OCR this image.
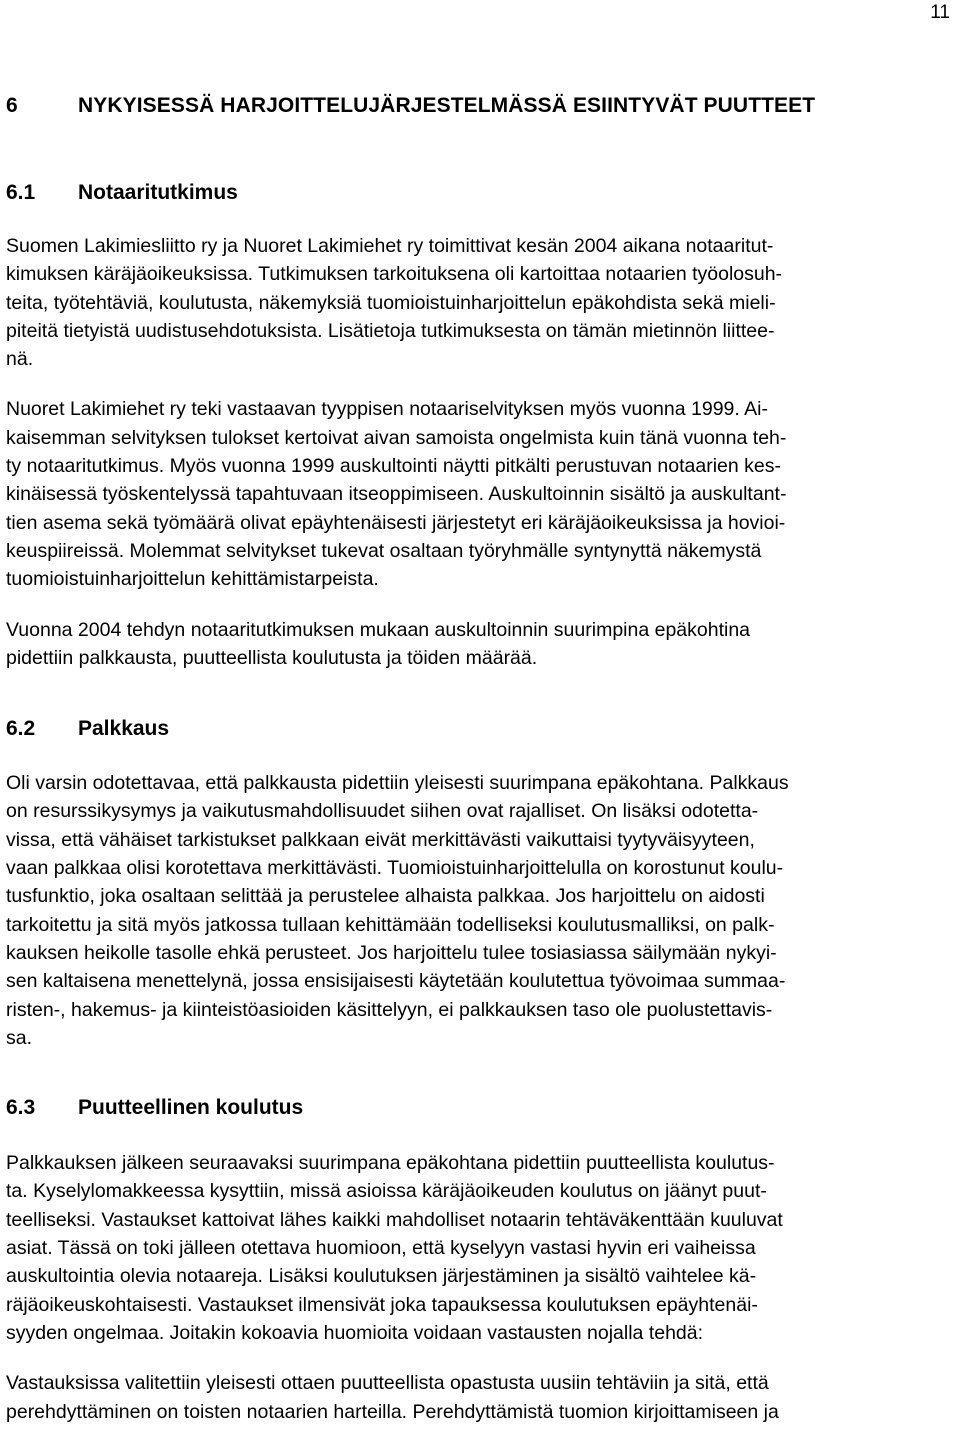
11
6	NYKYISESSÄ HARJOITTELUJÄRJESTELMÄSSÄ ESIINTYVÄT PUUTTEET
6.1 Notaaritutkimus

Suomen Lakimiesliitto ry ja Nuoret Lakimiehet ry toimittivat kesän 2004 aikana notaaritut-
kimuksen käräjäoikeuksissa. Tutkimuksen tarkoituksena oli kartoittaa notaarien työolosuh-
teita, työtehtäviä, koulutusta, näkemyksiä tuomioistuinharjoittelun epäkohdista sekä mieli-
piteitä tietyistä uudistusehdotuksista. Lisätietoja tutkimuksesta on tämän mietinnön liittee-
nä.

Nuoret Lakimiehet ry teki vastaavan tyyppisen notaariselvityksen myös vuonna 1999. Ai-
kaisemman selvityksen tulokset kertoivat aivan samoista ongelmista kuin tänä vuonna teh-
ty notaaritutkimus. Myös vuonna 1999 auskultointi näytti pitkälti perustuvan notaarien kes-
kinäisessä työskentelyssä tapahtuvaan itseoppimiseen. Auskultoinnin sisältö ja auskultant-
tien asema sekä työmäärä olivat epäyhtenäisesti järjestetyt eri käräjäoikeuksissa ja hovioi-
keuspiireissä. Molemmat selvitykset tukevat osaltaan työryhmälle syntynyttä näkemystä
tuomioistuinharjoittelun kehittämistarpeista.

Vuonna 2004 tehdyn notaaritutkimuksen mukaan auskultoinnin suurimpina epäkohtina
pidettiin palkkausta, puutteellista koulutusta ja töiden määrää.

6.2 Palkkaus

Oli varsin odotettavaa, että palkkausta pidettiin yleisesti suurimpana epäkohtana. Palkkaus
on resurssikysymys ja vaikutusmahdollisuudet siihen ovat rajalliset. On lisäksi odotetta-
vissa, että vähäiset tarkistukset palkkaan eivät merkittävästi vaikuttaisi tyytyväisyyteen,
vaan palkkaa olisi korotettava merkittävästi. Tuomioistuinharjoittelulla on korostunut koulu-
tusfunktio, joka osaltaan selittää ja perustelee alhaista palkkaa. Jos harjoittelu on aidosti
tarkoitettu ja sitä myös jatkossa tullaan kehittämään todelliseksi koulutusmalliksi, on palk-
kauksen heikolle tasolle ehkä perusteet. Jos harjoittelu tulee tosiasiassa säilymään nykyi-
sen kaltaisena menettelynä, jossa ensisijaisesti käytetään koulutettua työvoimaa summaa-
risten-, hakemus- ja kiinteistöasioiden käsittelyyn, ei palkkauksen taso ole puolustettavis-
sa.

6.3 Puutteellinen koulutus

Palkkauksen jälkeen seuraavaksi suurimpana epäkohtana pidettiin puutteellista koulutus-
ta. Kyselylomakkeessa kysyttiin, missä asioissa käräjäoikeuden koulutus on jäänyt puut-
teelliseksi. Vastaukset kattoivat lähes kaikki mahdolliset notaarin tehtäväkenttään kuuluvat
asiat. Tässä on toki jälleen otettava huomioon, että kyselyyn vastasi hyvin eri vaiheissa
auskultointia olevia notaareja. Lisäksi koulutuksen järjestäminen ja sisältö vaihtelee kä-
räjäoikeuskohtaisesti. Vastaukset ilmensivät joka tapauksessa koulutuksen epäyhtenäi-
syyden ongelmaa. Joitakin kokoavia huomioita voidaan vastausten nojalla tehdä:

Vastauksissa valitettiin yleisesti ottaen puutteellista opastusta uusiin tehtäviin ja sitä, että
perehdyttäminen on toisten notaarien harteilla. Perehdyttämistä tuomion kirjoittamiseen ja
